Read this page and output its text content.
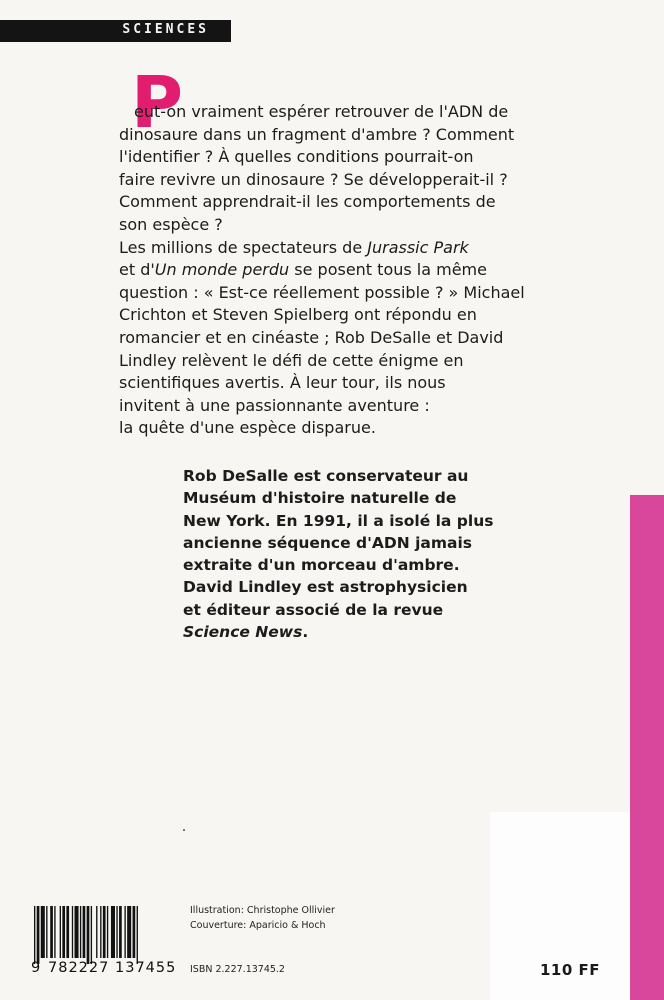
SCIENCES
P
eut-on vraiment espérer retrouver de l'ADN de
dinosaure dans un fragment d'ambre ? Comment
l'identifier ? À quelles conditions pourrait-on
faire revivre un dinosaure ? Se développerait-il ?
Comment apprendrait-il les comportements de
son espèce ?
Les millions de spectateurs de Jurassic Park
et d'Un monde perdu se posent tous la même
question : « Est-ce réellement possible ? » Michael
Crichton et Steven Spielberg ont répondu en
romancier et en cinéaste ; Rob DeSalle et David
Lindley relèvent le défi de cette énigme en
scientifiques avertis. À leur tour, ils nous
invitent à une passionnante aventure :
la quête d'une espèce disparue.
Rob DeSalle est conservateur au
Muséum d'histoire naturelle de
New York. En 1991, il a isolé la plus
ancienne séquence d'ADN jamais
extraite d'un morceau d'ambre.
David Lindley est astrophysicien
et éditeur associé de la revue
Science News.
9 782227 137455
Illustration: Christophe Ollivier
Couverture: Aparicio & Hoch
ISBN 2.227.13745.2	110 FF
